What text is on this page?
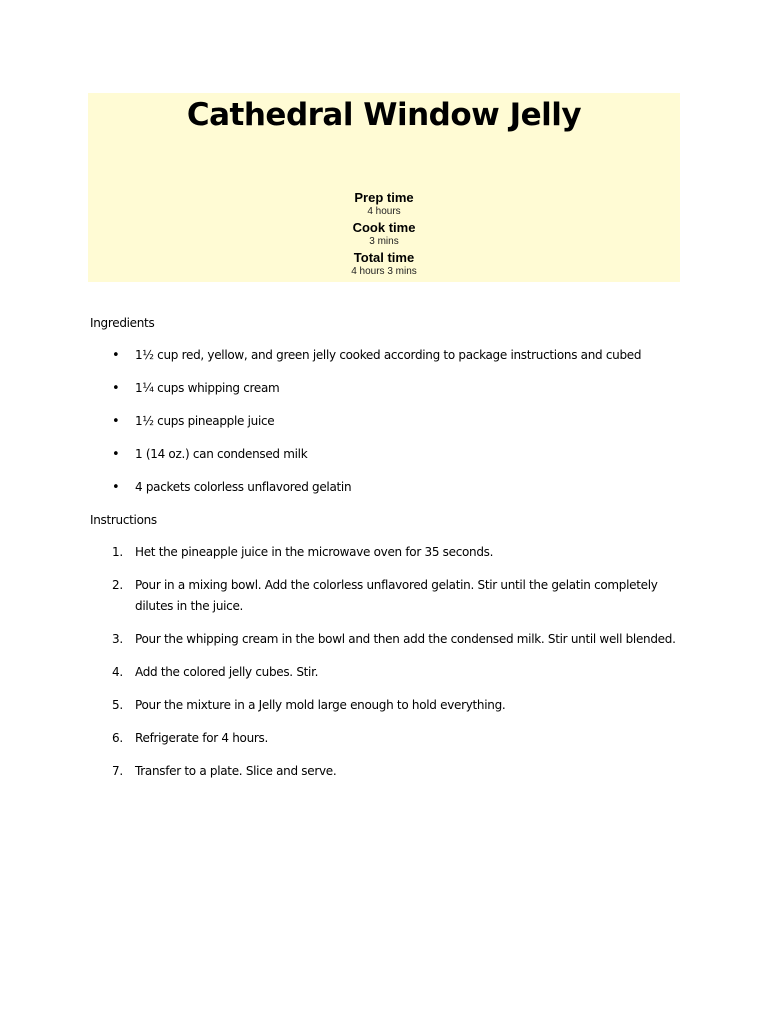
Cathedral Window Jelly
Prep time
4 hours
Cook time
3 mins
Total time
4 hours 3 mins
Ingredients
• 1½ cup red, yellow, and green jelly cooked according to package instructions and cubed
• 1¼ cups whipping cream
• 1½ cups pineapple juice
• 1 (14 oz.) can condensed milk
• 4 packets colorless unflavored gelatin
Instructions
1. Het the pineapple juice in the microwave oven for 35 seconds.
2. Pour in a mixing bowl. Add the colorless unflavored gelatin. Stir until the gelatin completely dilutes in the juice.
3. Pour the whipping cream in the bowl and then add the condensed milk. Stir until well blended.
4. Add the colored jelly cubes. Stir.
5. Pour the mixture in a Jelly mold large enough to hold everything.
6. Refrigerate for 4 hours.
7. Transfer to a plate. Slice and serve.
